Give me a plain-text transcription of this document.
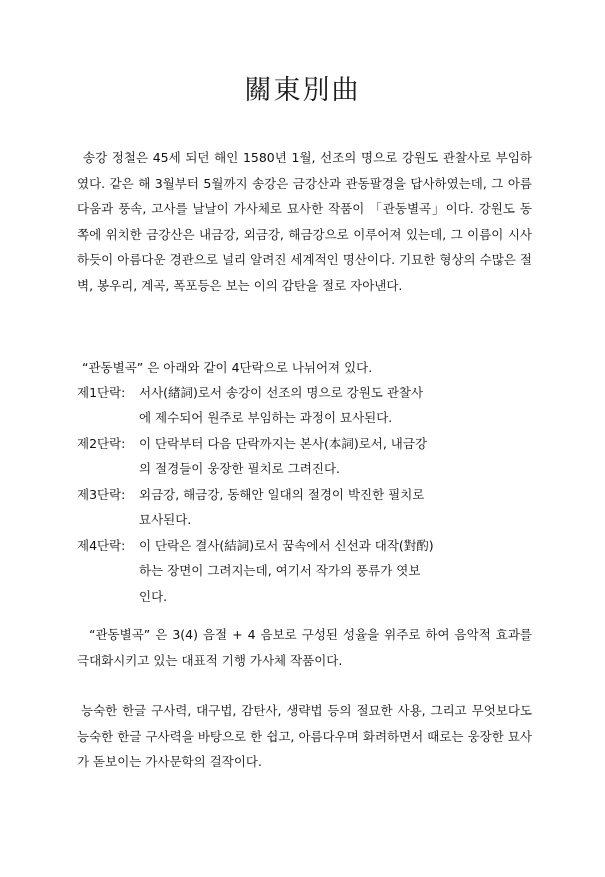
關東別曲
송강 정철은 45세 되던 해인 1580년 1월, 선조의 명으로 강원도 관찰사로 부임하였다. 같은 해 3월부터 5월까지 송강은 금강산과 관동팔경을 답사하였는데, 그 아름다움과 풍속, 고사를 날날이 가사체로 묘사한 작품이 「관동별곡」이다. 강원도 동쪽에 위치한 금강산은 내금강, 외금강, 해금강으로 이루어져 있는데, 그 이름이 시사하듯이 아름다운 경관으로 널리 알려진 세계적인 명산이다. 기묘한 형상의 수많은 절벽, 봉우리, 계곡, 폭포등은 보는 이의 감탄을 절로 자아낸다.
“관동별곡” 은 아래와 같이 4단락으로 나뉘어져 있다.
제1단락: 서사(緖詞)로서 송강이 선조의 명으로 강원도 관찰사
에 제수되어 원주로 부임하는 과정이 묘사된다.
제2단락: 이 단락부터 다음 단락까지는 본사(本詞)로서, 내금강
의 절경들이 웅장한 필치로 그려진다.
제3단락: 외금강, 해금강, 동해안 일대의 절경이 박진한 필치로
묘사된다.
제4단락: 이 단락은 결사(結詞)로서 꿈속에서 신선과 대작(對酌)
하는 장면이 그려지는데, 여기서 작가의 풍류가 엿보
인다.
“관동별곡” 은 3(4) 음절 + 4 음보로 구성된 성율을 위주로 하여 음악적 효과를 극대화시키고 있는 대표적 기행 가사체 작품이다.
능숙한 한글 구사력, 대구법, 감탄사, 생략법 등의 절묘한 사용, 그리고 무엇보다도 능숙한 한글 구사력을 바탕으로 한 쉽고, 아름다우며 화려하면서 때로는 웅장한 묘사가 돋보이는 가사문학의 걸작이다.
